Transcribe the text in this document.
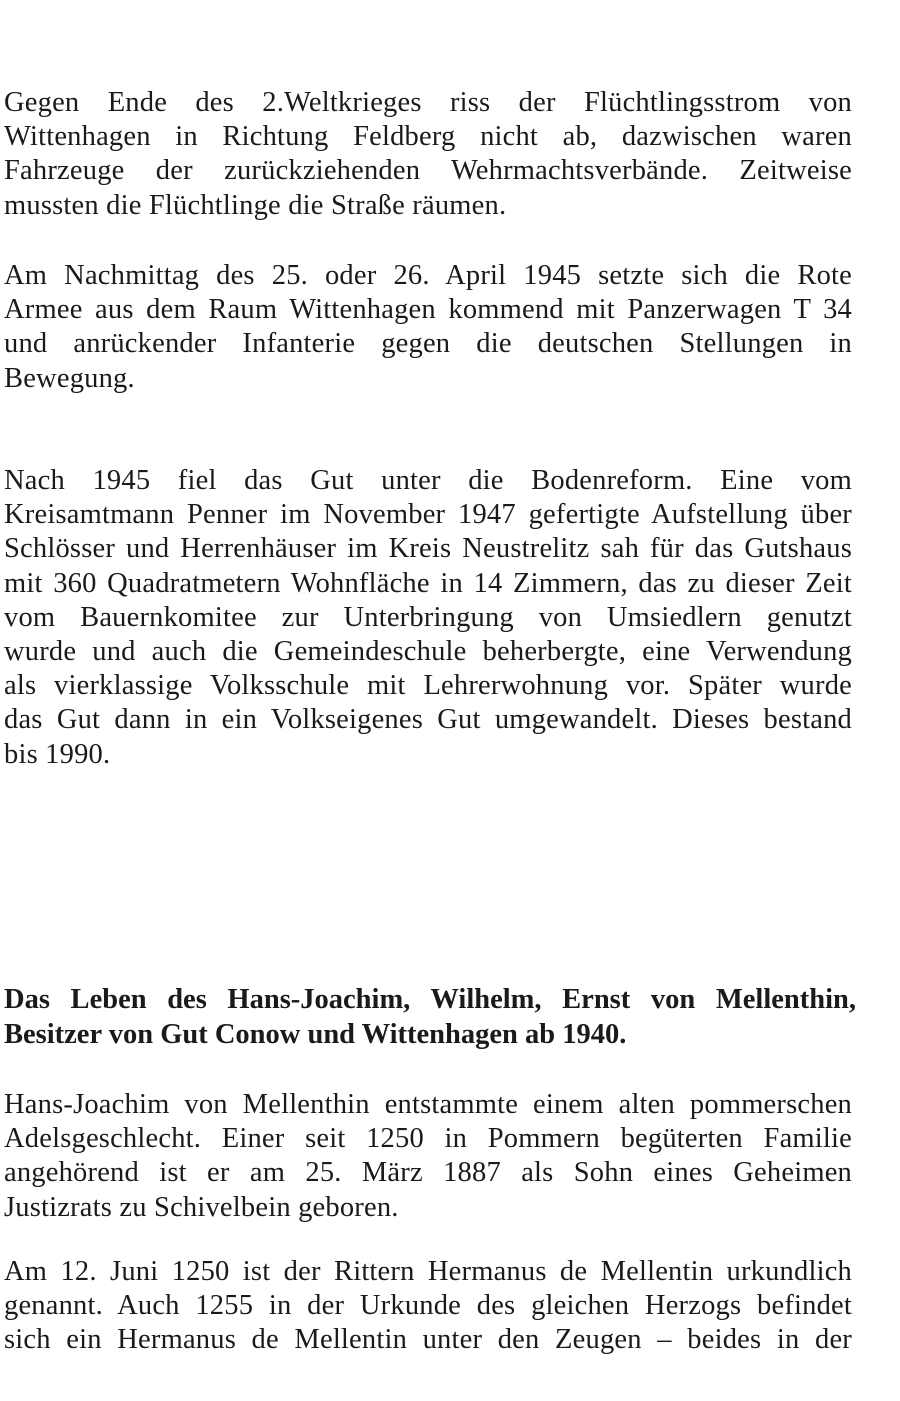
Gegen Ende des 2.Weltkrieges riss der Flüchtlingsstrom von
Wittenhagen in Richtung Feldberg nicht ab, dazwischen waren
Fahrzeuge der zurückziehenden Wehrmachtsverbände. Zeitweise
mussten die Flüchtlinge die Straße räumen.

Am Nachmittag des 25. oder 26. April 1945 setzte sich die Rote
Armee aus dem Raum Wittenhagen kommend mit Panzerwagen T 34
und anrückender Infanterie gegen die deutschen Stellungen in
Bewegung.

Nach 1945 fiel das Gut unter die Bodenreform. Eine vom
Kreisamtmann Penner im November 1947 gefertigte Aufstellung über
Schlösser und Herrenhäuser im Kreis Neustrelitz sah für das Gutshaus
mit 360 Quadratmetern Wohnfläche in 14 Zimmern, das zu dieser Zeit
vom Bauernkomitee zur Unterbringung von Umsiedlern genutzt
wurde und auch die Gemeindeschule beherbergte, eine Verwendung
als vierklassige Volksschule mit Lehrerwohnung vor. Später wurde
das Gut dann in ein Volkseigenes Gut umgewandelt. Dieses bestand
bis 1990.

Das Leben des Hans-Joachim, Wilhelm, Ernst von Mellenthin,
Besitzer von Gut Conow und Wittenhagen ab 1940.

Hans-Joachim von Mellenthin entstammte einem alten pommerschen
Adelsgeschlecht. Einer seit 1250 in Pommern begüterten Familie
angehörend ist er am 25. März 1887 als Sohn eines Geheimen
Justizrats zu Schivelbein geboren.

Am 12. Juni 1250 ist der Rittern Hermanus de Mellentin urkundlich
genannt. Auch 1255 in der Urkunde des gleichen Herzogs befindet
sich ein Hermanus de Mellentin unter den Zeugen – beides in der
